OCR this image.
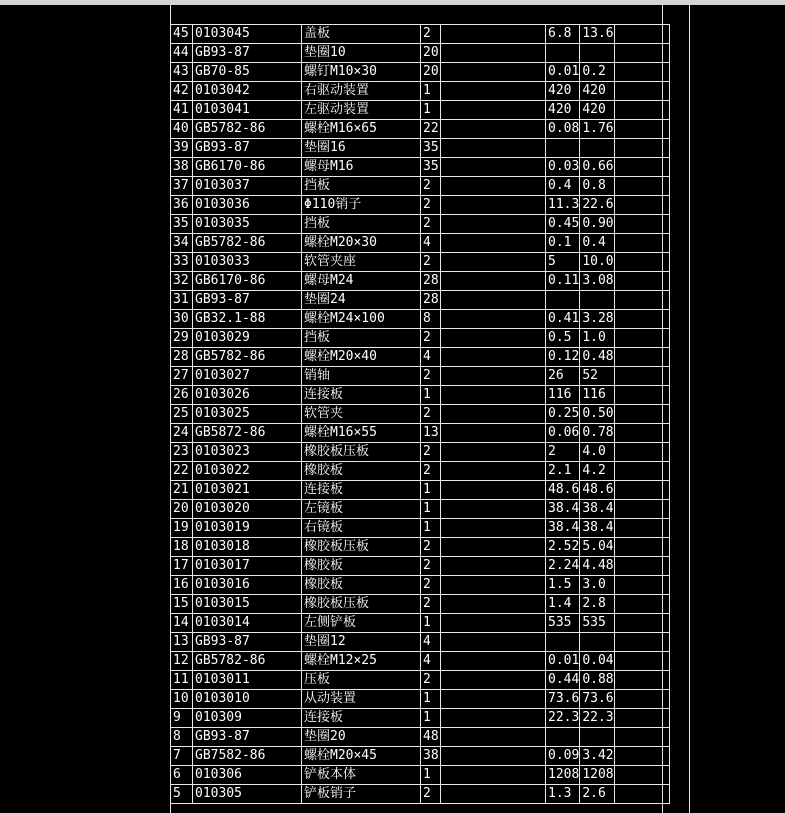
45	0103045	盖板	2		6.8	13.6	
44	GB93-87	垫圈10	20				
43	GB70-85	螺钉M10×30	20		0.01	0.2	
42	0103042	右驱动装置	1		420	420	
41	0103041	左驱动装置	1		420	420	
40	GB5782-86	螺栓M16×65	22		0.08	1.76	
39	GB93-87	垫圈16	35				
38	GB6170-86	螺母M16	35		0.03	0.66	
37	0103037	挡板	2		0.4	0.8	
36	0103036	Φ110销子	2		11.3	22.6	
35	0103035	挡板	2		0.45	0.90	
34	GB5782-86	螺栓M20×30	4		0.1	0.4	
33	0103033	软管夹座	2		5	10.0	
32	GB6170-86	螺母M24	28		0.11	3.08	
31	GB93-87	垫圈24	28				
30	GB32.1-88	螺栓M24×100	8		0.41	3.28	
29	0103029	挡板	2		0.5	1.0	
28	GB5782-86	螺栓M20×40	4		0.12	0.48	
27	0103027	销轴	2		26	52	
26	0103026	连接板	1		116	116	
25	0103025	软管夹	2		0.25	0.50	
24	GB5872-86	螺栓M16×55	13		0.06	0.78	
23	0103023	橡胶板压板	2		2	4.0	
22	0103022	橡胶板	2		2.1	4.2	
21	0103021	连接板	1		48.6	48.6	
20	0103020	左镜板	1		38.4	38.4	
19	0103019	右镜板	1		38.4	38.4	
18	0103018	橡胶板压板	2		2.52	5.04	
17	0103017	橡胶板	2		2.24	4.48	
16	0103016	橡胶板	2		1.5	3.0	
15	0103015	橡胶板压板	2		1.4	2.8	
14	0103014	左侧铲板	1		535	535	
13	GB93-87	垫圈12	4				
12	GB5782-86	螺栓M12×25	4		0.01	0.04	
11	0103011	压板	2		0.44	0.88	
10	0103010	从动装置	1		73.6	73.6	
9	010309	连接板	1		22.3	22.3	
8	GB93-87	垫圈20	48				
7	GB7582-86	螺栓M20×45	38		0.09	3.42	
6	010306	铲板本体	1		1208	1208	
5	010305	铲板销子	2		1.3	2.6	
